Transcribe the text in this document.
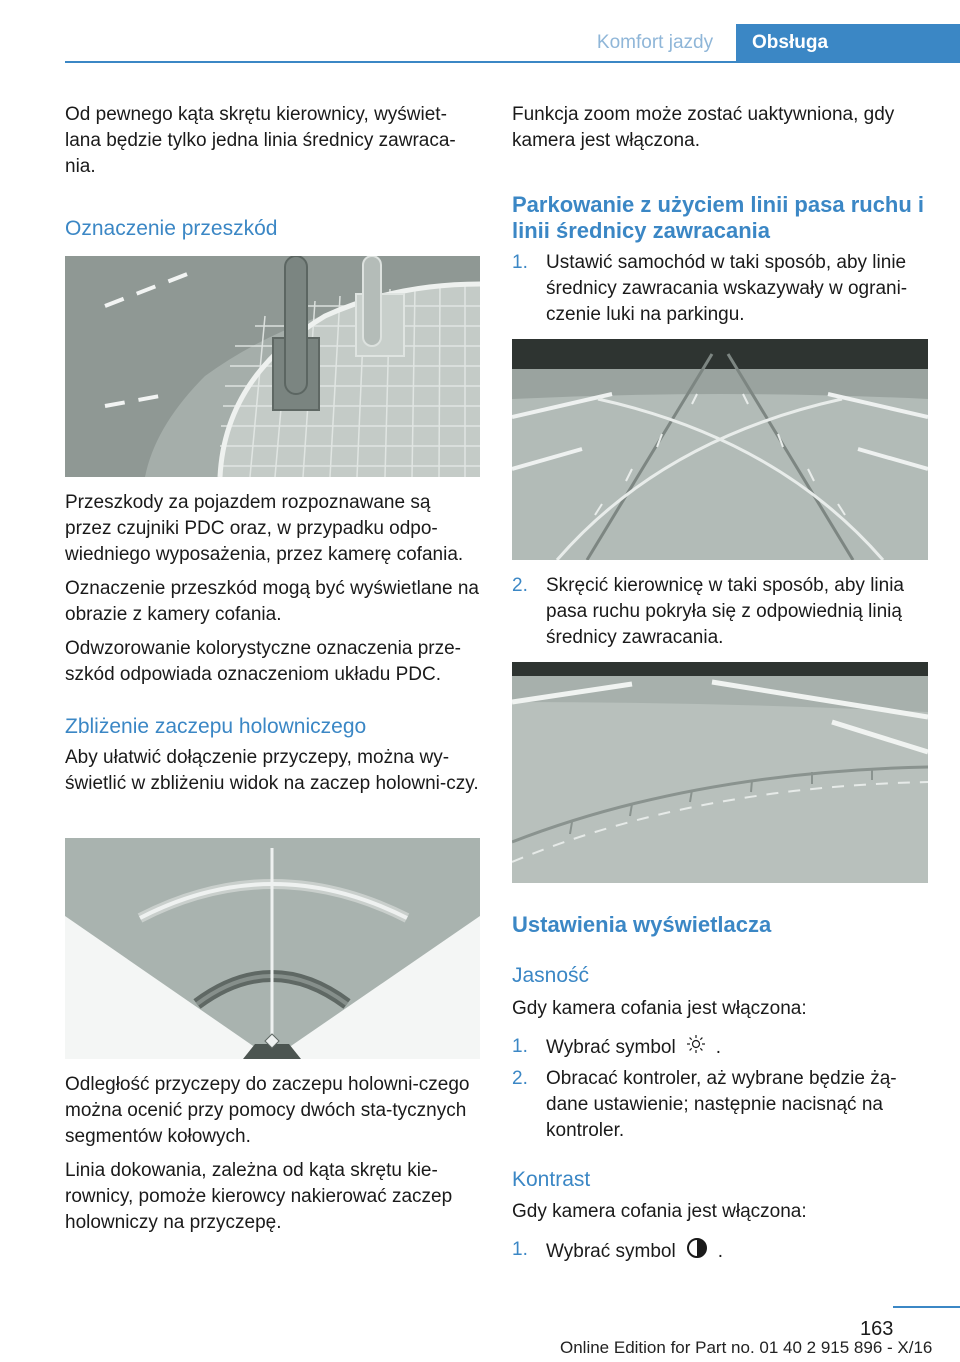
Komfort jazdy	Obsługa

Od pewnego kąta skrętu kierownicy, wyświet-lana będzie tylko jedna linia średnicy zawraca-nia.

Oznaczenie przeszkód

Przeszkody za pojazdem rozpoznawane są przez czujniki PDC oraz, w przypadku odpo-wiedniego wyposażenia, przez kamerę cofania.

Oznaczenie przeszkód mogą być wyświetlane na obrazie z kamery cofania.

Odwzorowanie kolorystyczne oznaczenia prze-szkód odpowiada oznaczeniom układu PDC.

Zbliżenie zaczepu holowniczego

Aby ułatwić dołączenie przyczepy, można wy-świetlić w zbliżeniu widok na zaczep holowni-czy.

Odległość przyczepy do zaczepu holowni-czego można ocenić przy pomocy dwóch sta-tycznych segmentów kołowych.

Linia dokowania, zależna od kąta skrętu kie-rownicy, pomoże kierowcy nakierować zaczep holowniczy na przyczepę.

Funkcja zoom może zostać uaktywniona, gdy kamera jest włączona.

Parkowanie z użyciem linii pasa ruchu i linii średnicy zawracania
1. Ustawić samochód w taki sposób, aby linie średnicy zawracania wskazywały w ograni-czenie luki na parkingu.
2. Skręcić kierownicę w taki sposób, aby linia pasa ruchu pokryła się z odpowiednią linią średnicy zawracania.
Ustawienia wyświetlacza
Jasność

Gdy kamera cofania jest włączona:

1. Wybrać symbol .
2. Obracać kontroler, aż wybrane będzie żą-dane ustawienie; następnie nacisnąć na kontroler.
Kontrast

Gdy kamera cofania jest włączona:

1. Wybrać symbol .
163
Online Edition for Part no. 01 40 2 915 896 - X/16
